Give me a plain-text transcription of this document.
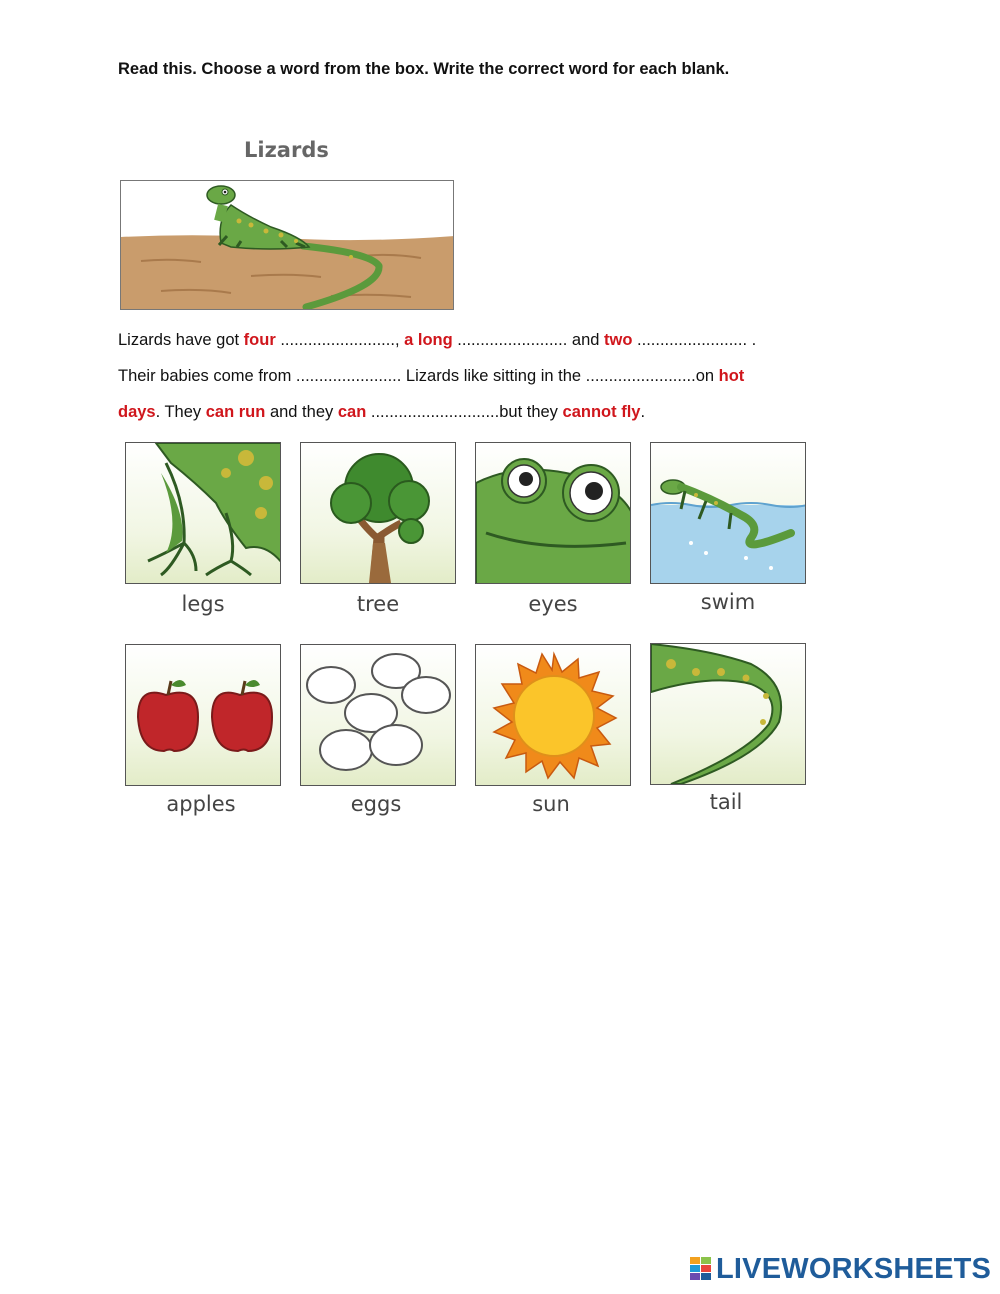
Read this. Choose a word from the box. Write the correct word for each blank.
Lizards
Lizards have got four ........................., a long ........................ and two ........................ .
Their babies come from ....................... Lizards like sitting in the ........................on hot
days. They can run and they can ............................but they cannot fly.
legs	tree	eyes	swim
apples	eggs	sun	tail
LIVEWORKSHEETS
